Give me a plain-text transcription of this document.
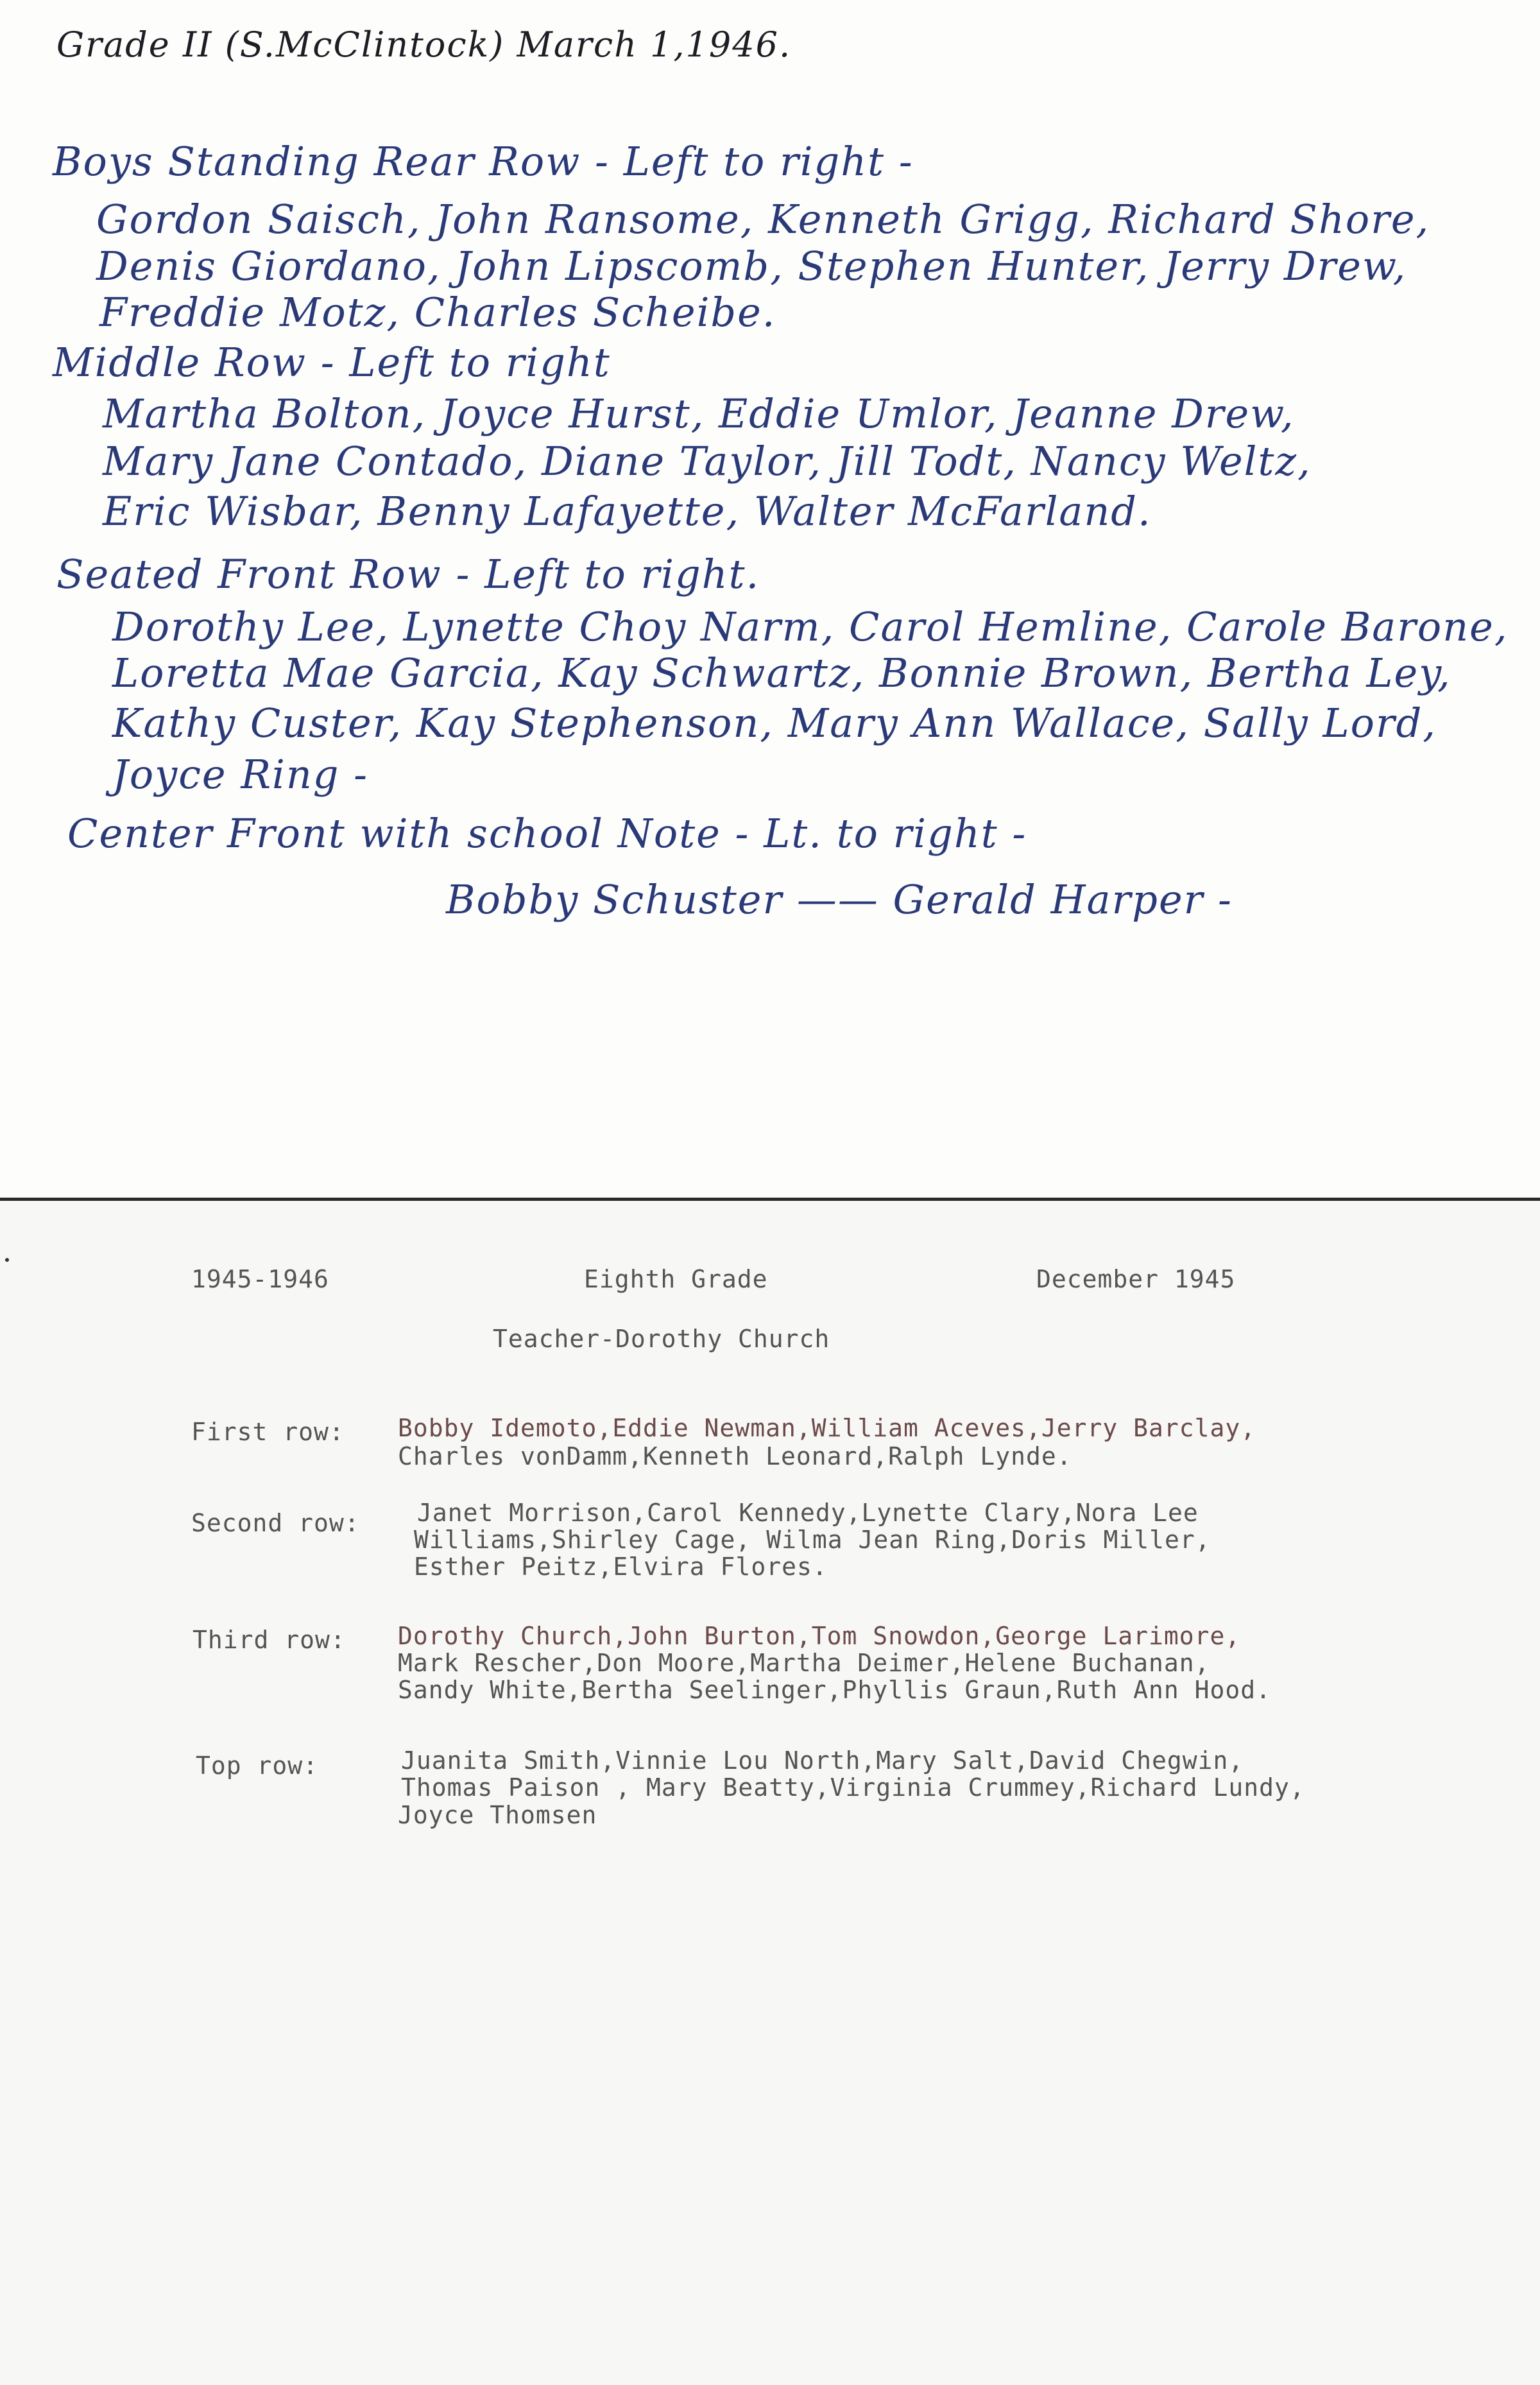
Grade II (S.McClintock) March 1,1946.

Boys Standing Rear Row - Left to right -

Gordon Saisch, John Ransome, Kenneth Grigg, Richard Shore,

Denis Giordano, John Lipscomb, Stephen Hunter, Jerry Drew,

Freddie Motz, Charles Scheibe.

Middle Row - Left to right

Martha Bolton, Joyce Hurst, Eddie Umlor, Jeanne Drew,

Mary Jane Contado, Diane Taylor, Jill Todt, Nancy Weltz,

Eric Wisbar, Benny Lafayette, Walter McFarland.

Seated Front Row - Left to right.

Dorothy Lee, Lynette Choy Narm, Carol Hemline, Carole Barone,

Loretta Mae Garcia, Kay Schwartz, Bonnie Brown, Bertha Ley,

Kathy Custer, Kay Stephenson, Mary Ann Wallace, Sally Lord,

Joyce Ring -

Center Front with school Note - Lt. to right -

Bobby Schuster —— Gerald Harper -

1945-1946	Eighth Grade	December 1945

Teacher-Dorothy Church

First row: Bobby Idemoto,Eddie Newman,William Aceves,Jerry Barclay,

Charles vonDamm,Kenneth Leonard,Ralph Lynde.

Second row: Janet Morrison,Carol Kennedy,Lynette Clary,Nora Lee

Williams,Shirley Cage, Wilma Jean Ring,Doris Miller,

Esther Peitz,Elvira Flores.

Third row: Dorothy Church,John Burton,Tom Snowdon,George Larimore,

Mark Rescher,Don Moore,Martha Deimer,Helene Buchanan,

Sandy White,Bertha Seelinger,Phyllis Graun,Ruth Ann Hood.

Top row:	Juanita Smith,Vinnie Lou North,Mary Salt,David Chegwin,

Thomas Paison , Mary Beatty,Virginia Crummey,Richard Lundy,

Joyce Thomsen
